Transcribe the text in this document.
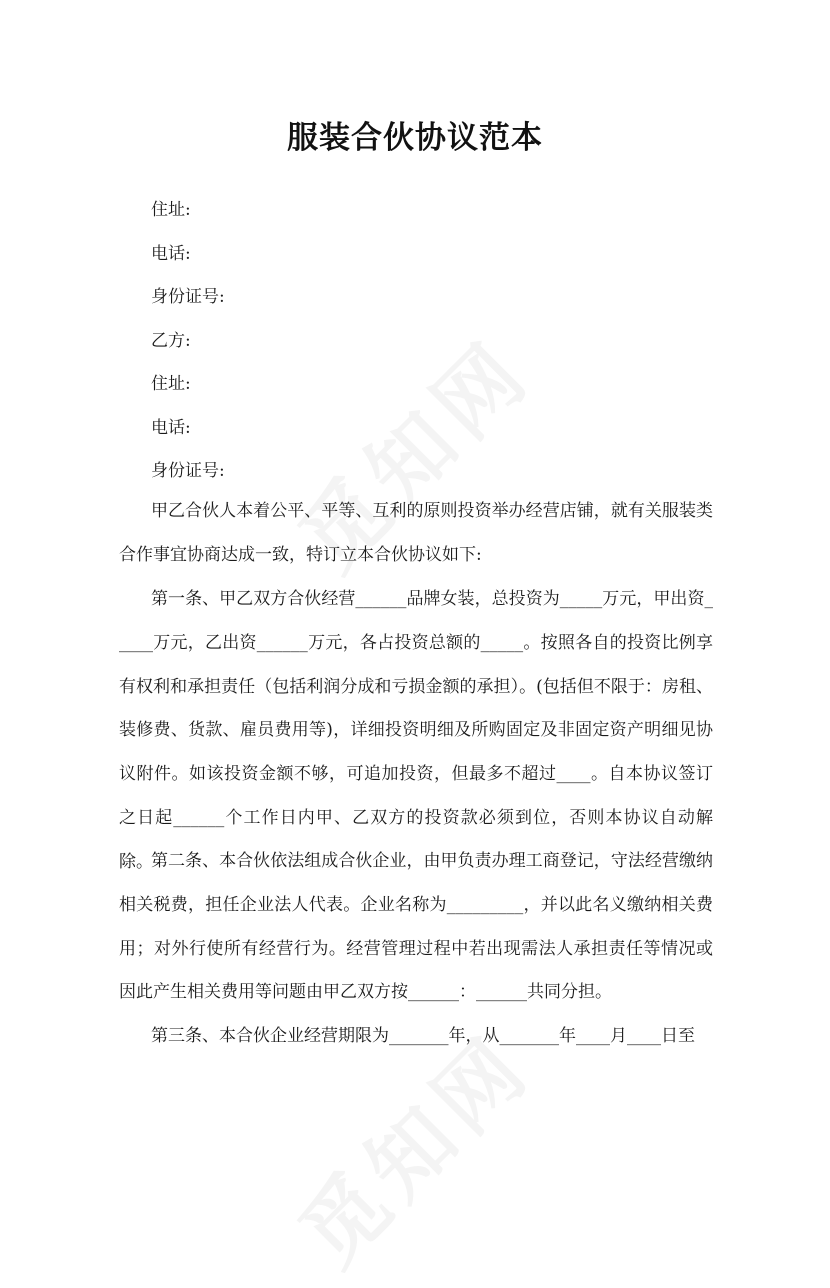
服装合伙协议范本
住址:
电话:
身份证号:
乙方:
住址:
电话:
身份证号:

甲乙合伙人本着公平、平等、互利的原则投资举办经营店铺，就有关服装类合作事宜协商达成一致，特订立本合伙协议如下:

第一条、甲乙双方合伙经营______品牌女装，总投资为_____万元，甲出资_____万元，乙出资______万元，各占投资总额的_____。按照各自的投资比例享有权利和承担责任（包括利润分成和亏损金额的承担）。(包括但不限于：房租、装修费、货款、雇员费用等)，详细投资明细及所购固定及非固定资产明细见协议附件。如该投资金额不够，可追加投资，但最多不超过____。自本协议签订之日起______个工作日内甲、乙双方的投资款必须到位，否则本协议自动解除。

第二条、本合伙依法组成合伙企业，由甲负责办理工商登记，守法经营缴纳相关税费，担任企业法人代表。企业名称为_________，并以此名义缴纳相关费用；对外行使所有经营行为。经营管理过程中若出现需法人承担责任等情况或因此产生相关费用等问题由甲乙双方按______：______共同分担。

第三条、本合伙企业经营期限为_______年，从_______年____月____日至
